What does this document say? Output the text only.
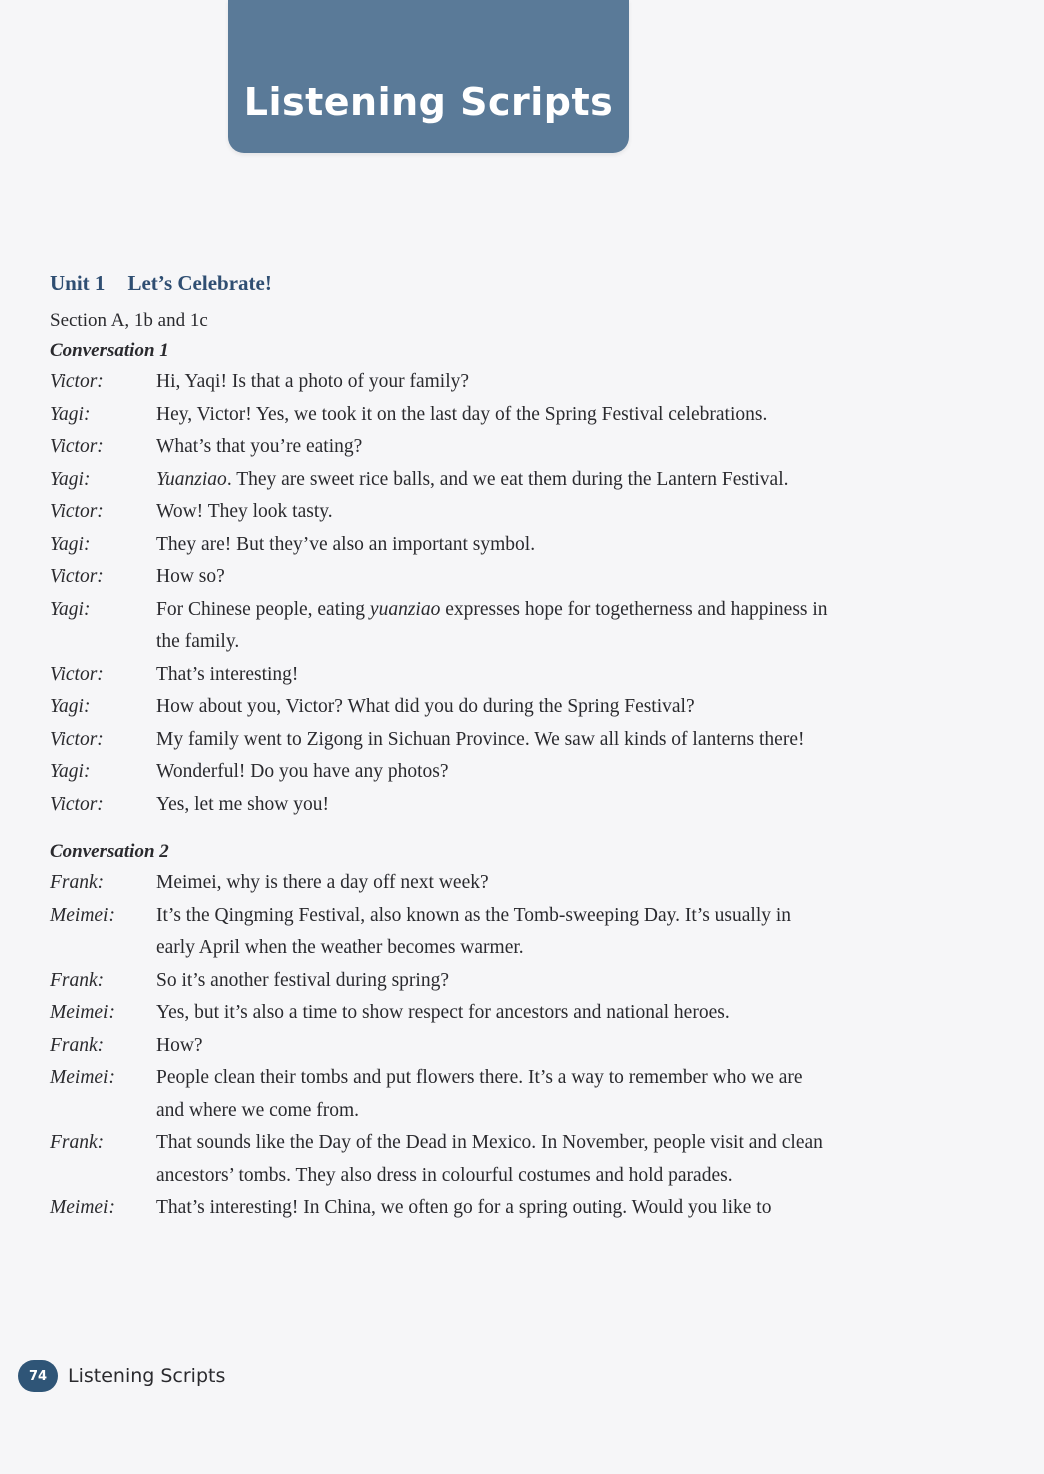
Listening Scripts
Unit 1 Let’s Celebrate!

Section A, 1b and 1c

Conversation 1

Victor:	Hi, Yaqi! Is that a photo of your family?
Yagi:	Hey, Victor! Yes, we took it on the last day of the Spring Festival celebrations.
Victor:	What’s that you’re eating?
Yagi:	Yuanziao. They are sweet rice balls, and we eat them during the Lantern Festival.
Victor:	Wow! They look tasty.
Yagi:	They are! But they’ve also an important symbol.
Victor:	How so?
Yagi:	For Chinese people, eating yuanziao expresses hope for togetherness and happiness in the family.
Victor:	That’s interesting!
Yagi:	How about you, Victor? What did you do during the Spring Festival?
Victor:	My family went to Zigong in Sichuan Province. We saw all kinds of lanterns there!
Yagi:	Wonderful! Do you have any photos?
Victor:	Yes, let me show you!

Conversation 2

Frank:	Meimei, why is there a day off next week?
Meimei:	It’s the Qingming Festival, also known as the Tomb-sweeping Day. It’s usually in early April when the weather becomes warmer.
Frank:	So it’s another festival during spring?
Meimei:	Yes, but it’s also a time to show respect for ancestors and national heroes.
Frank:	How?
Meimei:	People clean their tombs and put flowers there. It’s a way to remember who we are and where we come from.
Frank:	That sounds like the Day of the Dead in Mexico. In November, people visit and clean ancestors’ tombs. They also dress in colourful costumes and hold parades.
Meimei:	That’s interesting! In China, we often go for a spring outing. Would you like to
74	Listening Scripts
